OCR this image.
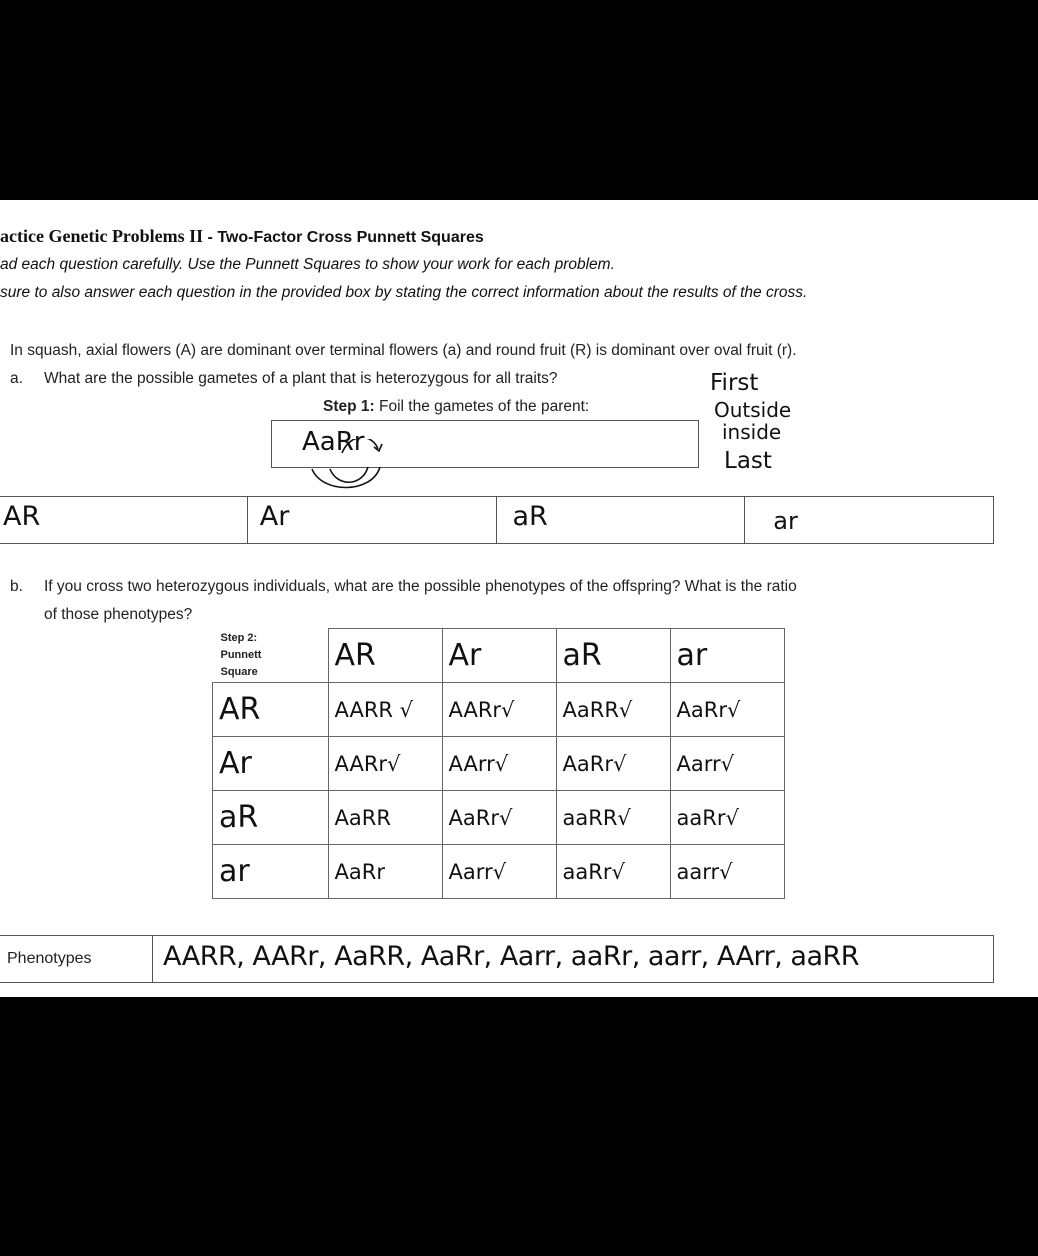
actice Genetic Problems II - Two-Factor Cross Punnett Squares
ad each question carefully. Use the Punnett Squares to show your work for each problem.
sure to also answer each question in the provided box by stating the correct information about the results of the cross.
In squash, axial flowers (A) are dominant over terminal flowers (a) and round fruit (R) is dominant over oval fruit (r).
a. What are the possible gametes of a plant that is heterozygous for all traits?
Step 1: Foil the gametes of the parent:
AaRr
First
Outside
inside
Last
AR	Ar	aR	ar
b. If you cross two heterozygous individuals, what are the possible phenotypes of the offspring? What is the ratio
of those phenotypes?
Step 2:
Punnett
Square	AR	Ar	aR	ar
AR	AARR √	AARr√	AaRR√	AaRr√
Ar	AARr√	AArr√	AaRr√	Aarr√
aR	AaRR	AaRr√	aaRR√	aaRr√
ar	AaRr	Aarr√	aaRr√	aarr√
Phenotypes	AARR, AARr, AaRR, AaRr, Aarr, aaRr, aarr, AArr, aaRR
